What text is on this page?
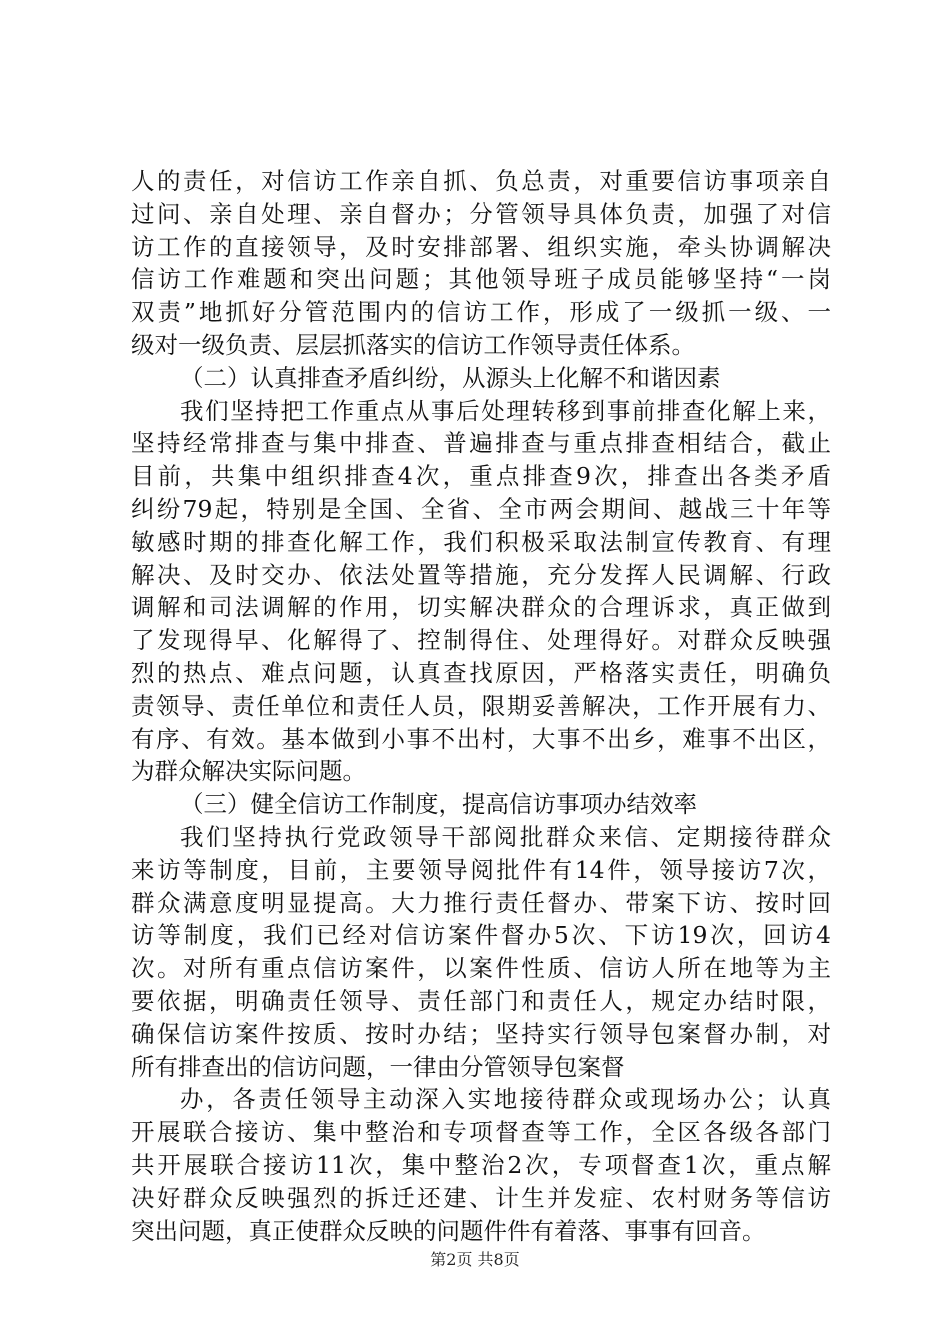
人的责任，对信访工作亲自抓、负总责，对重要信访事项亲自
过问、亲自处理、亲自督办；分管领导具体负责，加强了对信
访工作的直接领导，及时安排部署、组织实施，牵头协调解决
信访工作难题和突出问题；其他领导班子成员能够坚持“一岗
双责”地抓好分管范围内的信访工作，形成了一级抓一级、一
级对一级负责、层层抓落实的信访工作领导责任体系。
（二）认真排查矛盾纠纷，从源头上化解不和谐因素
我们坚持把工作重点从事后处理转移到事前排查化解上来，
坚持经常排查与集中排查、普遍排查与重点排查相结合，截止
目前，共集中组织排查4次，重点排查9次，排查出各类矛盾
纠纷79起，特别是全国、全省、全市两会期间、越战三十年等
敏感时期的排查化解工作，我们积极采取法制宣传教育、有理
解决、及时交办、依法处置等措施，充分发挥人民调解、行政
调解和司法调解的作用，切实解决群众的合理诉求，真正做到
了发现得早、化解得了、控制得住、处理得好。对群众反映强
烈的热点、难点问题，认真查找原因，严格落实责任，明确负
责领导、责任单位和责任人员，限期妥善解决，工作开展有力、
有序、有效。基本做到小事不出村，大事不出乡，难事不出区，
为群众解决实际问题。
（三）健全信访工作制度，提高信访事项办结效率
我们坚持执行党政领导干部阅批群众来信、定期接待群众
来访等制度，目前，主要领导阅批件有14件，领导接访7次，
群众满意度明显提高。大力推行责任督办、带案下访、按时回
访等制度，我们已经对信访案件督办5次、下访19次，回访4
次。对所有重点信访案件，以案件性质、信访人所在地等为主
要依据，明确责任领导、责任部门和责任人，规定办结时限，
确保信访案件按质、按时办结；坚持实行领导包案督办制，对
所有排查出的信访问题，一律由分管领导包案督
办，各责任领导主动深入实地接待群众或现场办公；认真
开展联合接访、集中整治和专项督查等工作，全区各级各部门
共开展联合接访11次，集中整治2次，专项督查1次，重点解
决好群众反映强烈的拆迁还建、计生并发症、农村财务等信访
突出问题，真正使群众反映的问题件件有着落、事事有回音。
第2页 共8页
